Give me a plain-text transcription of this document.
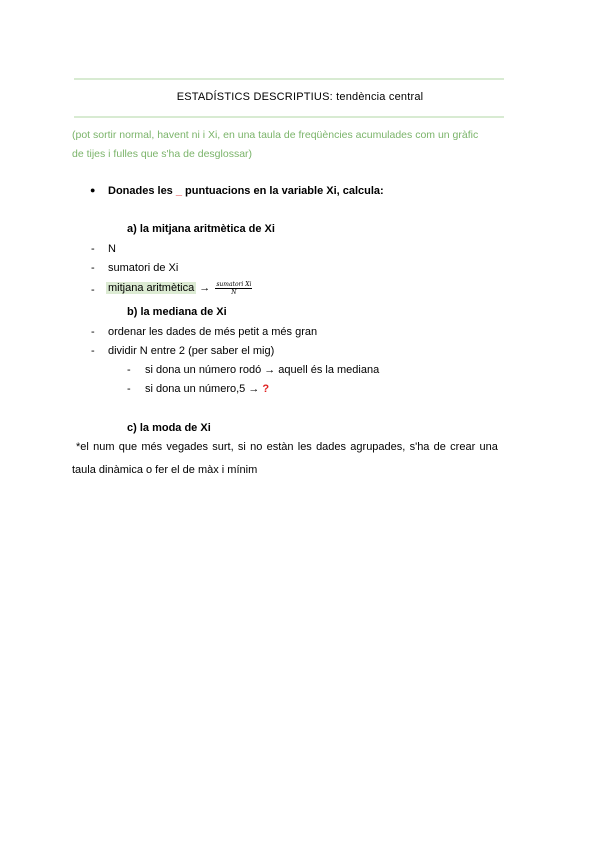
ESTADÍSTICS DESCRIPTIUS: tendència central
(pot sortir normal, havent ni i Xi, en una taula de freqüències acumulades com un gràfic
de tijes i fulles que s'ha de desglossar)
● Donades les _ puntuacions en la variable Xi, calcula:
a) la mitjana aritmètica de Xi
- N
- sumatori de Xi
- mitjana aritmètica → $\frac{\text{sumatori Xi}}{N}$
b) la mediana de Xi
- ordenar les dades de més petit a més gran
- dividir N entre 2 (per saber el mig)
- si dona un número rodó → aquell és la mediana
- si dona un número,5 → ?
c) la moda de Xi
*el num que més vegades surt, si no estàn les dades agrupades, s'ha de crear una
taula dinàmica o fer el de màx i mínim
